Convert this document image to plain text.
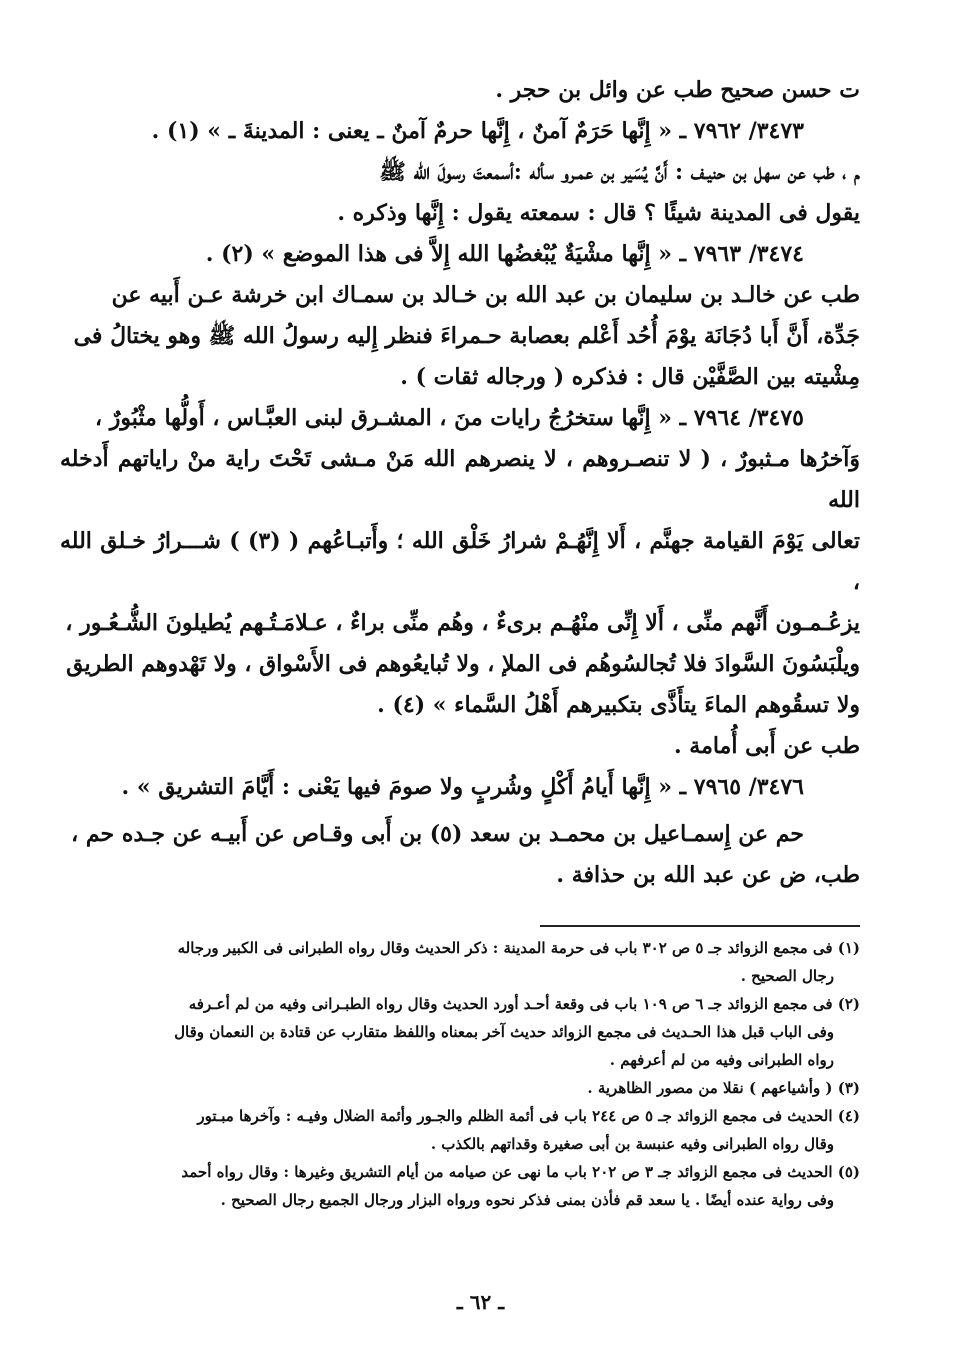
ت حسن صحيح طب عن وائل بن حجر .

٣٤٧٣/ ٧٩٦٢ ـ « إِنَّها حَرَمٌ آمنٌ ، إِنَّها حرمٌ آمنٌ ـ يعنى : المدينةَ ـ » (١) .

م ، طب عن سهل بن حنيـف : أَنَّ يُسَير بن عمـرو سأله :أسمعتَ رسولَ الله ﷺ

يقول فى المدينة شيئًا ؟ قال : سمعته يقول : إِنَّها وذكره .

٣٤٧٤/ ٧٩٦٣ ـ « إِنَّها مشْيَةٌ يُبْغضُها الله إِلاَّ فى هذا الموضع » (٢) .

طب عن خالـد بن سليمان بن عبد الله بن خـالد بن سمـاك ابن خرشة عـن أَبيه عن

جَدِّة، أَنَّ أَبا دُجَانَة يوْمَ أُحُد أَعْلم بعصابة حـمراءَ فنظر إِليه رسولُ الله ﷺ وهو يختالُ فى

مِشْيته بين الصَّفَّيْن قال : فذكره ( ورجاله ثقات ) .

٣٤٧٥/ ٧٩٦٤ ـ « إِنَّها ستخرُجُ رايات منَ ، المشـرق لبنى العبَّـاس ، أَولُّها مثْبُورٌ ،

وَآخرُها مـثبورٌ ، ( لا تنصـروهم ، لا ينصرهم الله مَنْ مـشى تَحْتَ راية منْ راياتهم أَدخله الله

تعالى يَوْمَ القيامة جهنَّم ، أَلا إِنَّهُـمْ شرارُ خَلْق الله ؛ وأَتبـاعُهم ( (٣) ) شـــرارُ خـلق الله ،

يزعُـمـون أَنَّهم منِّى ، أَلا إِنِّى منْهُـم برىءٌ ، وهُم منِّى براءٌ ، عـلامَـتُـهم يُطيلونَ الشُّـعُـور ،

ويلْبَسُونَ السَّوادَ فلا تُجالسُوهُم فى الملإ ، ولا تُبايعُوهم فى الأَسْواق ، ولا تَهْدوهم الطريق

ولا تسقُوهم الماءَ يتأَذَّى بتكبيرهم أَهْلُ السَّماء » (٤) .

طب عن أَبى أُمامة .

٣٤٧٦/ ٧٩٦٥ ـ « إِنَّها أَيامُ أَكْلٍ وشُربٍ ولا صومَ فيها يَعْنى : أَيَّامَ التشريق » .

حم عن إِسمـاعيل بن محمـد بن سعد (٥) بن أَبى وقـاص عن أَبيـه عن جـده حم ،

طب، ض عن عبد الله بن حذافة .

(١) فى مجمع الزوائد جـ ٥ ص ٣٠٢ باب فى حرمة المدينة : ذكر الحديث وقال رواه الطبرانى فى الكبير ورجاله

رجال الصحيح .

(٢) فى مجمع الزوائد جـ ٦ ص ١٠٩ باب فى وقعة أحـد أورد الحديث وقال رواه الطبـرانى وفيه من لم أعـرفه

وفى الباب قبل هذا الحـديث فى مجمع الزوائد حديث آخر بمعناه واللفظ متقارب عن قتادة بن النعمان وقال

رواه الطبرانى وفيه من لم أعرفهم .

(٣) ( وأشياعهم ) نقلا من مصور الظاهرية .

(٤) الحديث فى مجمع الزوائد جـ ٥ ص ٢٤٤ باب فى أئمة الظلم والجـور وأئمة الضلال وفيـه : وآخرها مبـتور

وقال رواه الطبرانى وفيه عنبسة بن أبى صغيرة وقداتهم بالكذب .

(٥) الحديث فى مجمع الزوائد جـ ٣ ص ٢٠٢ باب ما نهى عن صيامه من أيام التشريق وغيرها : وقال رواه أحمد

وفى رواية عنده أيضًا . يا سعد قم فأذن بمنى فذكر نحوه ورواه البزار ورجال الجميع رجال الصحيح .

ـ ٦٢ ـ
